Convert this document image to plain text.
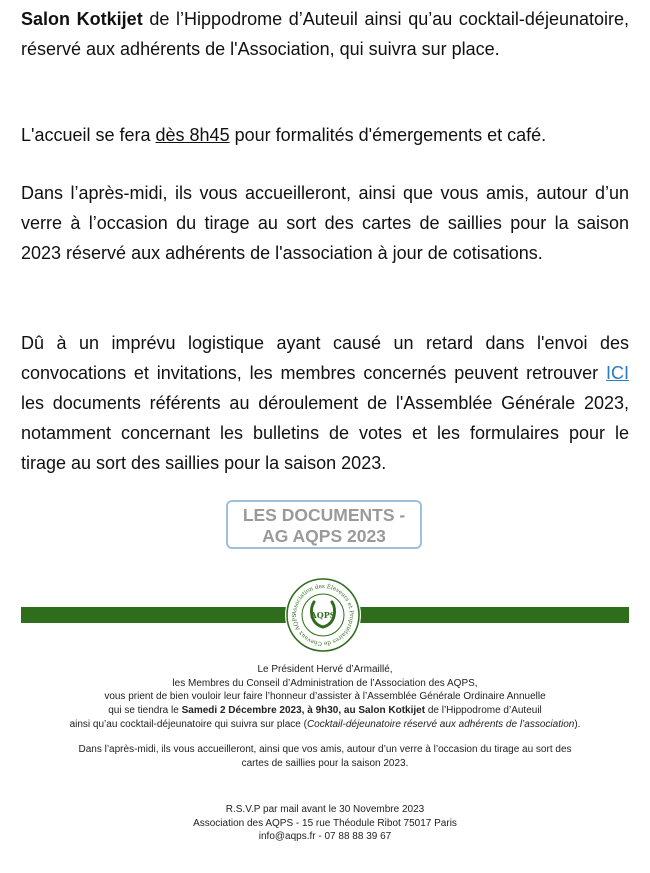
Salon Kotkijet de l’Hippodrome d’Auteuil ainsi qu’au cocktail-déjeunatoire, réservé aux adhérents de l'Association, qui suivra sur place.

L'accueil se fera dès 8h45 pour formalités d'émergements et café.

Dans l’après-midi, ils vous accueilleront, ainsi que vous amis, autour d’un verre à l’occasion du tirage au sort des cartes de saillies pour la saison 2023 réservé aux adhérents de l'association à jour de cotisations.

Dû à un imprévu logistique ayant causé un retard dans l'envoi des convocations et invitations, les membres concernés peuvent retrouver ICI les documents référents au déroulement de l'Assemblée Générale 2023, notamment concernant les bulletins de votes et les formulaires pour le tirage au sort des saillies pour la saison 2023.

LES DOCUMENTS -
AG AQPS 2023
Association des Éleveurs et Propriétaires de Chevaux AQPS	AQPS

Le Président Hervé d’Armaillé,

les Membres du Conseil d’Administration de l’Association des AQPS,

vous prient de bien vouloir leur faire l’honneur d’assister à l’Assemblée Générale Ordinaire Annuelle

qui se tiendra le Samedi 2 Décembre 2023, à 9h30, au Salon Kotkijet de l’Hippodrome d’Auteuil

ainsi qu’au cocktail-déjeunatoire qui suivra sur place (Cocktail-déjeunatoire réservé aux adhérents de l’association).

Dans l’après-midi, ils vous accueilleront, ainsi que vos amis, autour d’un verre à l’occasion du tirage au sort des

cartes de saillies pour la saison 2023.

R.S.V.P par mail avant le 30 Novembre 2023

Association des AQPS - 15 rue Théodule Ribot 75017 Paris

info@aqps.fr - 07 88 88 39 67
